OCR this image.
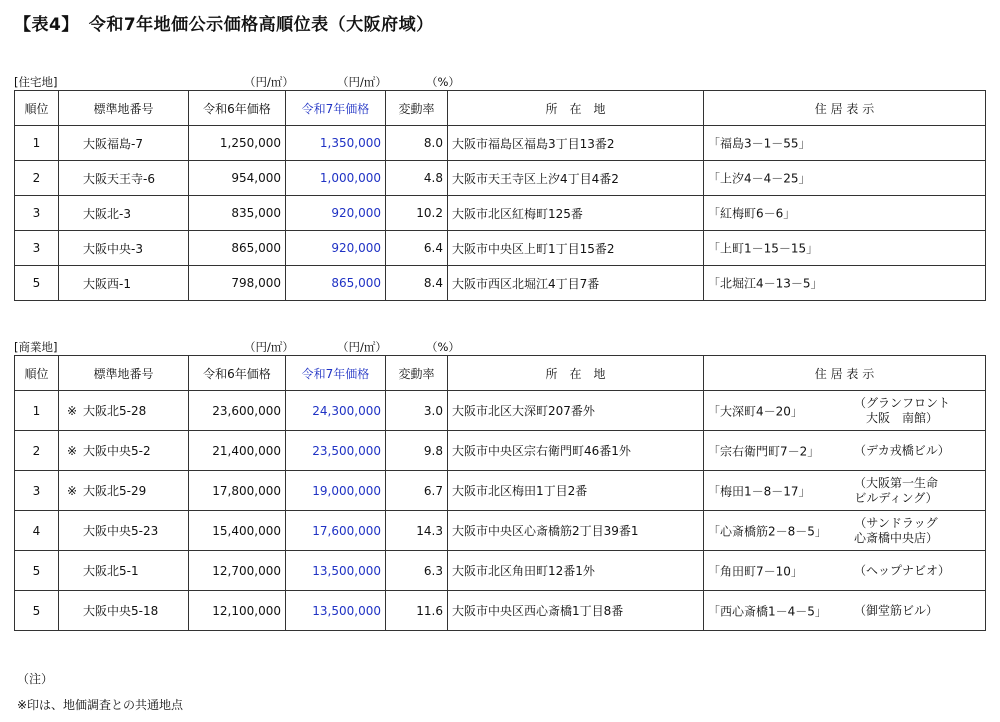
【表4】 令和7年地価公示価格高順位表（大阪府域）
[住宅地]	（円/㎡）	（円/㎡）	（%）
順位	標準地番号	令和6年価格	令和7年価格	変動率	所　在　地	住 居 表 示
1	大阪福島-7	1,250,000	1,350,000	8.0	大阪市福島区福島3丁目13番2	「福島3－1－55」

2	大阪天王寺-6	954,000	1,000,000	4.8	大阪市天王寺区上汐4丁目4番2	「上汐4－4－25」

3	大阪北-3	835,000	920,000	10.2	大阪市北区紅梅町125番	「紅梅町6－6」

3	大阪中央-3	865,000	920,000	6.4	大阪市中央区上町1丁目15番2	「上町1－15－15」

5	大阪西-1	798,000	865,000	8.4	大阪市西区北堀江4丁目7番	「北堀江4－13－5」
[商業地]	（円/㎡）	（円/㎡）	（%）
順位	標準地番号	令和6年価格	令和7年価格	変動率	所　在　地	住 居 表 示
1	※ 大阪北5-28	23,600,000	24,300,000	3.0	大阪市北区大深町207番外	「大深町4－20」
（グランフロント
大阪　南館）

2	※ 大阪中央5-2	21,400,000	23,500,000	9.8	大阪市中央区宗右衛門町46番1外	「宗右衛門町7－2」 （デカ戎橋ビル）

3	※ 大阪北5-29	17,800,000	19,000,000	6.7	大阪市北区梅田1丁目2番	「梅田1－8－17」
（大阪第一生命
ビルディング）

4	大阪中央5-23	15,400,000	17,600,000	14.3	大阪市中央区心斎橋筋2丁目39番1	「心斎橋筋2－8－5」
（サンドラッグ
心斎橋中央店）

5	大阪北5-1	12,700,000	13,500,000	6.3	大阪市北区角田町12番1外	「角田町7－10」 （ヘップナビオ）

5	大阪中央5-18	12,100,000	13,500,000	11.6	大阪市中央区西心斎橋1丁目8番	「西心斎橋1－4－5」 （御堂筋ビル）
（注）
※印は、地価調査との共通地点
